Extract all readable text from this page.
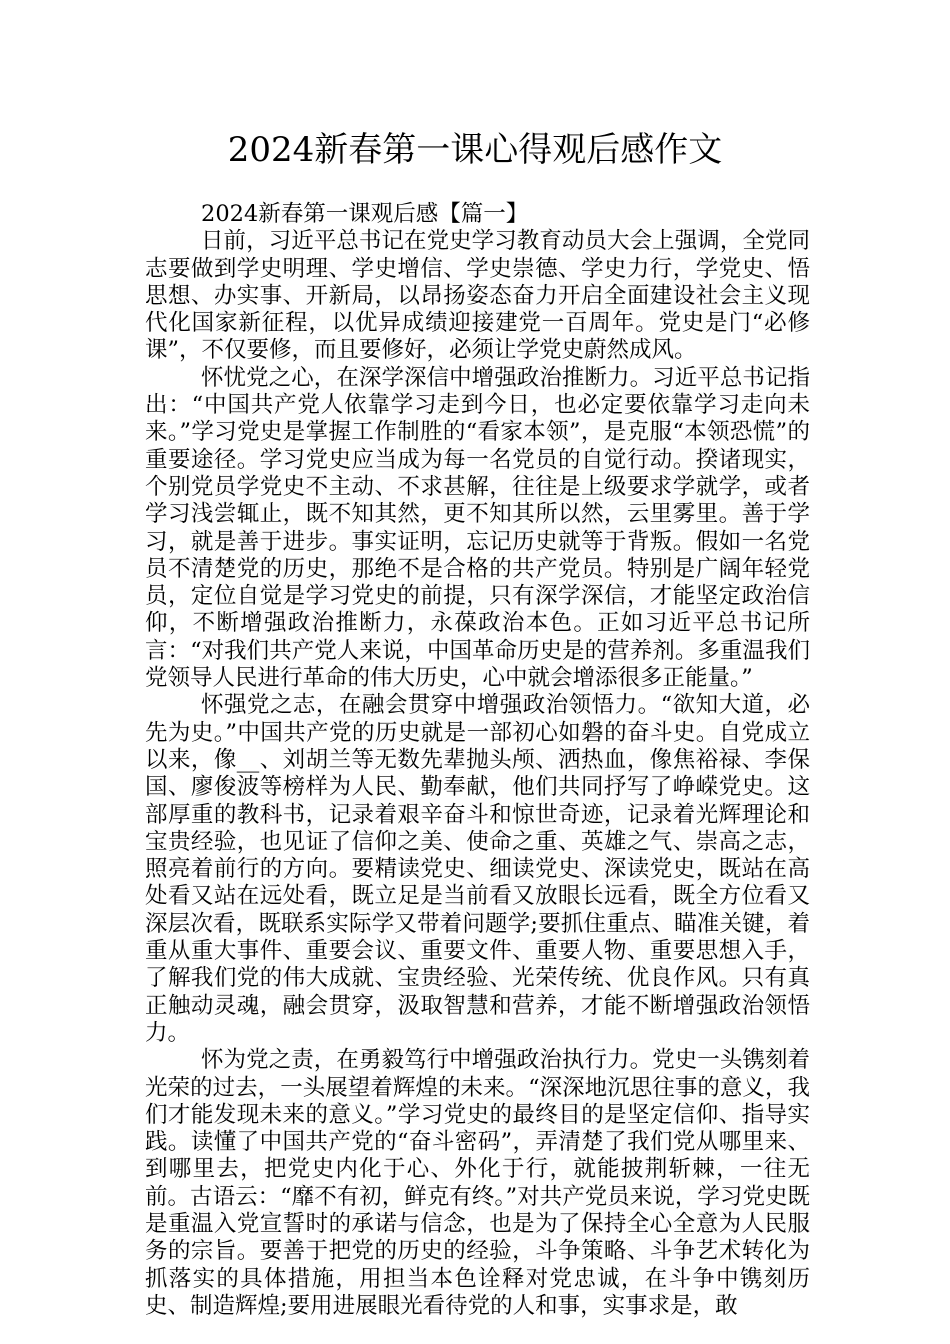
2024新春第一课心得观后感作文

2024新春第一课观后感【篇一】

日前，习近平总书记在党史学习教育动员大会上强调，全党同志要做到学史明理、学史增信、学史崇德、学史力行，学党史、悟思想、办实事、开新局，以昂扬姿态奋力开启全面建设社会主义现代化国家新征程，以优异成绩迎接建党一百周年。党史是门“必修课”，不仅要修，而且要修好，必须让学党史蔚然成风。

怀忧党之心，在深学深信中增强政治推断力。习近平总书记指出：“中国共产党人依靠学习走到今日，也必定要依靠学习走向未来。”学习党史是掌握工作制胜的“看家本领”，是克服“本领恐慌”的重要途径。学习党史应当成为每一名党员的自觉行动。揆诸现实，个别党员学党史不主动、不求甚解，往往是上级要求学就学，或者学习浅尝辄止，既不知其然，更不知其所以然，云里雾里。善于学习，就是善于进步。事实证明，忘记历史就等于背叛。假如一名党员不清楚党的历史，那绝不是合格的共产党员。特别是广阔年轻党员，定位自觉是学习党史的前提，只有深学深信，才能坚定政治信仰，不断增强政治推断力，永葆政治本色。正如习近平总书记所言：“对我们共产党人来说，中国革命历史是的营养剂。多重温我们党领导人民进行革命的伟大历史，心中就会增添很多正能量。”

怀强党之志，在融会贯穿中增强政治领悟力。“欲知大道，必先为史。”中国共产党的历史就是一部初心如磐的奋斗史。自党成立以来，像__、刘胡兰等无数先辈抛头颅、洒热血，像焦裕禄、李保国、廖俊波等榜样为人民、勤奉献，他们共同抒写了峥嵘党史。这部厚重的教科书，记录着艰辛奋斗和惊世奇迹，记录着光辉理论和宝贵经验，也见证了信仰之美、使命之重、英雄之气、崇高之志，照亮着前行的方向。要精读党史、细读党史、深读党史，既站在高处看又站在远处看，既立足是当前看又放眼长远看，既全方位看又深层次看，既联系实际学又带着问题学;要抓住重点、瞄准关键，着重从重大事件、重要会议、重要文件、重要人物、重要思想入手，了解我们党的伟大成就、宝贵经验、光荣传统、优良作风。只有真正触动灵魂，融会贯穿，汲取智慧和营养，才能不断增强政治领悟力。

怀为党之责，在勇毅笃行中增强政治执行力。党史一头镌刻着光荣的过去，一头展望着辉煌的未来。“深深地沉思往事的意义，我们才能发现未来的意义。”学习党史的最终目的是坚定信仰、指导实践。读懂了中国共产党的“奋斗密码”，弄清楚了我们党从哪里来、到哪里去，把党史内化于心、外化于行，就能披荆斩棘，一往无前。古语云：“靡不有初，鲜克有终。”对共产党员来说，学习党史既是重温入党宣誓时的承诺与信念，也是为了保持全心全意为人民服务的宗旨。要善于把党的历史的经验，斗争策略、斗争艺术转化为抓落实的具体措施，用担当本色诠释对党忠诚，在斗争中镌刻历史、制造辉煌;要用进展眼光看待党的人和事，实事求是，敢
